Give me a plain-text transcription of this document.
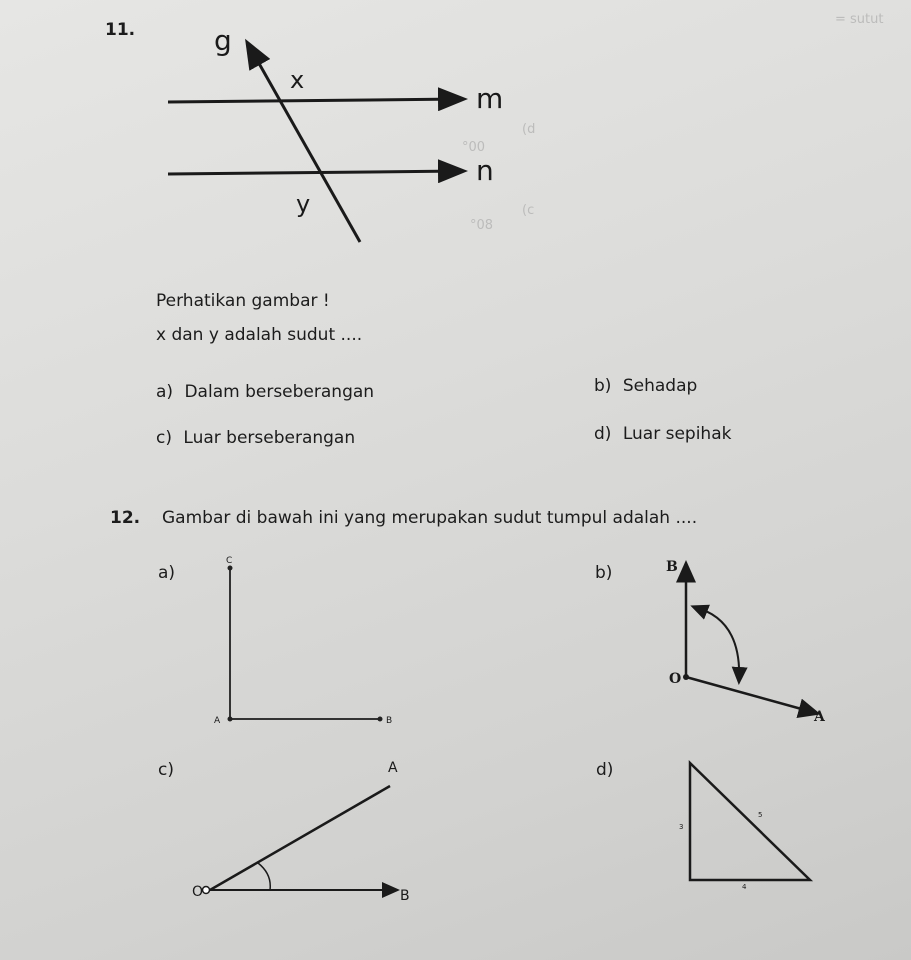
= sutut
(d
(c
°00
°08
11.	g
x
m
n
y
Perhatikan gambar !
x dan y adalah sudut ....
a) Dalam berseberangan	b) Sehadap
c) Luar berseberangan	d) Luar sepihak
12. Gambar di bawah ini yang merupakan sudut tumpul adalah ....
a)
C
A	B
b)	B
O
A
c)	A
O	B
d)
3
5
4
